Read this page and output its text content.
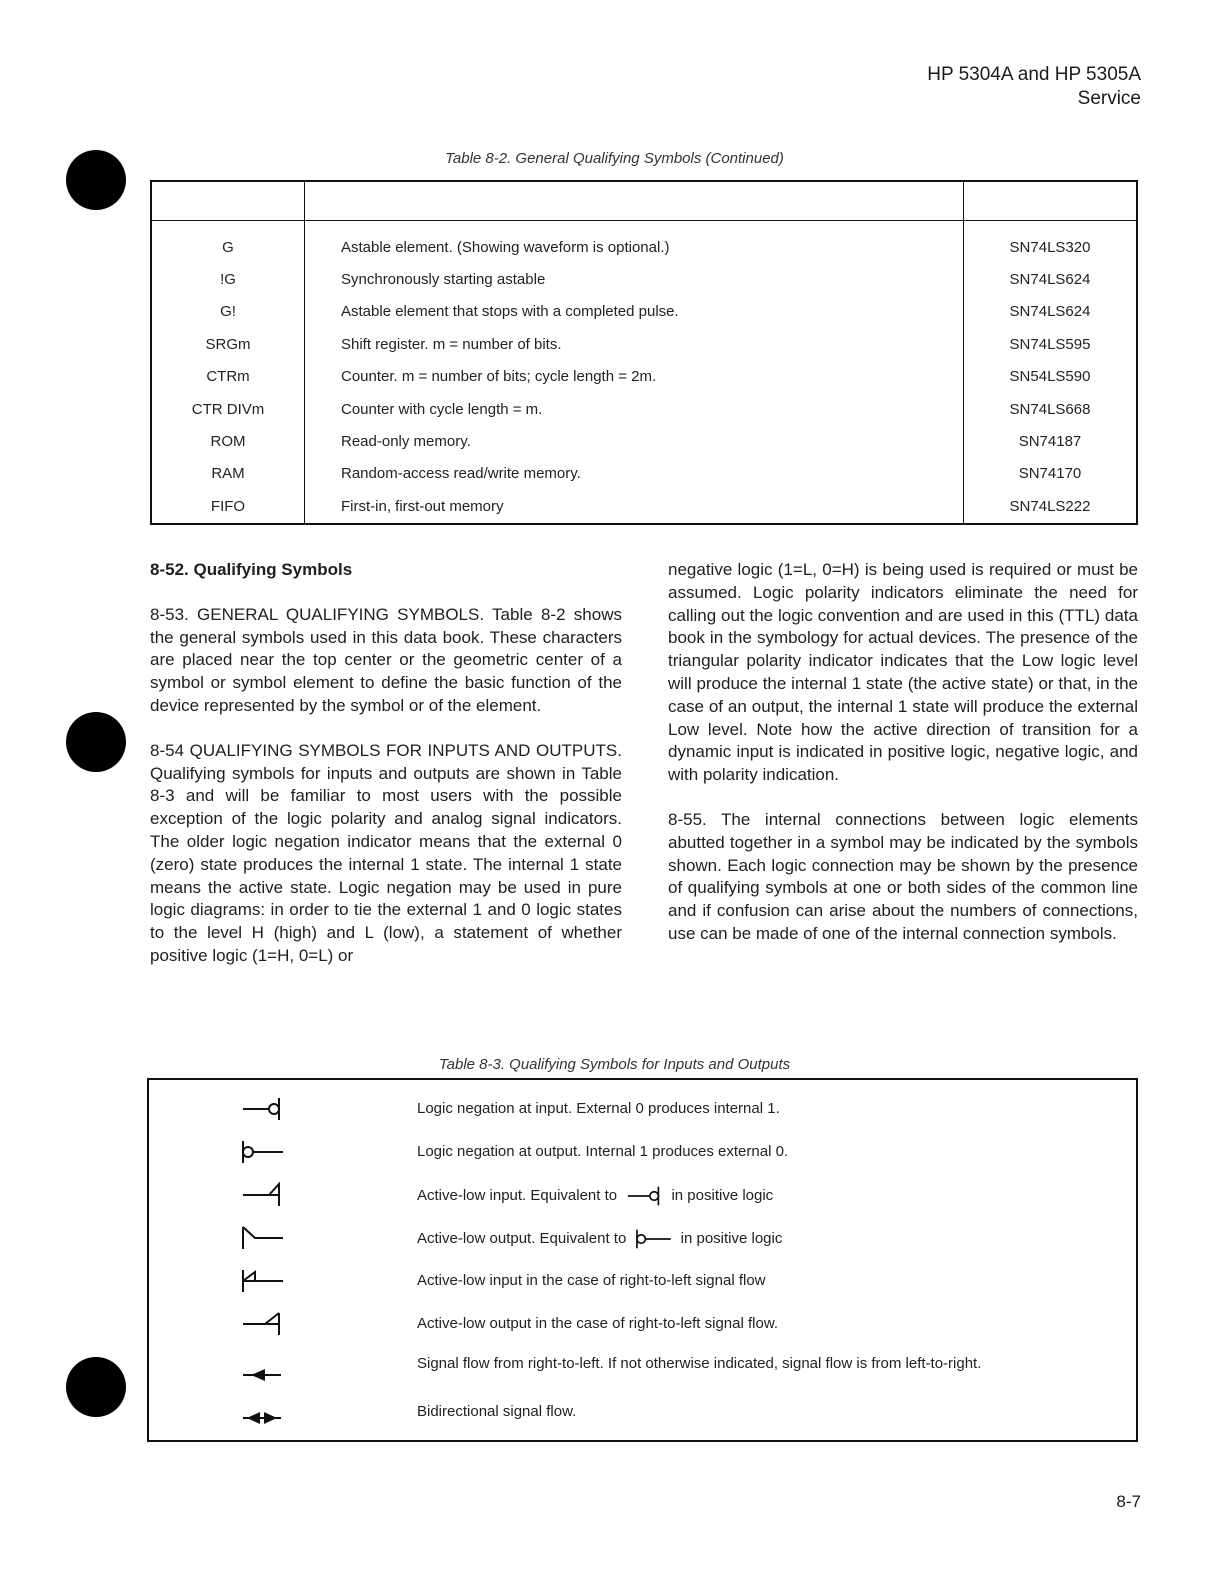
HP 5304A and HP 5305A
Service
Table 8-2. General Qualifying Symbols (Continued)

G	Astable element. (Showing waveform is optional.)	SN74LS320
!G	Synchronously starting astable	SN74LS624
G!	Astable element that stops with a completed pulse.	SN74LS624
SRGm	Shift register. m = number of bits.	SN74LS595
CTRm	Counter. m = number of bits; cycle length = 2m.	SN54LS590
CTR DIVm	Counter with cycle length = m.	SN74LS668
ROM	Read-only memory.	SN74187
RAM	Random-access read/write memory.	SN74170
FIFO	First-in, first-out memory	SN74LS222

8-52. Qualifying Symbols

8-53. GENERAL QUALIFYING SYMBOLS. Table 8-2 shows the general symbols used in this data book. These characters are placed near the top center or the geometric center of a symbol or symbol element to define the basic function of the device represented by the symbol or of the element.

8-54 QUALIFYING SYMBOLS FOR INPUTS AND OUTPUTS. Qualifying symbols for inputs and outputs are shown in Table 8-3 and will be familiar to most users with the possible exception of the logic polarity and analog signal indicators. The older logic negation indicator means that the external 0 (zero) state produces the internal 1 state. The internal 1 state means the active state. Logic negation may be used in pure logic diagrams: in order to tie the external 1 and 0 logic states to the level H (high) and L (low), a statement of whether positive logic (1=H, 0=L) or

negative logic (1=L, 0=H) is being used is required or must be assumed. Logic polarity indicators eliminate the need for calling out the logic convention and are used in this (TTL) data book in the symbology for actual devices. The presence of the triangular polarity indicator indicates that the Low logic level will produce the internal 1 state (the active state) or that, in the case of an output, the internal 1 state will produce the external Low level. Note how the active direction of transition for a dynamic input is indicated in positive logic, negative logic, and with polarity indication.

8-55. The internal connections between logic elements abutted together in a symbol may be indicated by the symbols shown. Each logic connection may be shown by the presence of qualifying symbols at one or both sides of the common line and if confusion can arise about the numbers of connections, use can be made of one of the internal connection symbols.

Table 8-3. Qualifying Symbols for Inputs and Outputs
Logic negation at input. External 0 produces internal 1.
Logic negation at output. Internal 1 produces external 0.
Active-low input. Equivalent to	in positive logic
Active-low output. Equivalent to	in positive logic
Active-low input in the case of right-to-left signal flow
Active-low output in the case of right-to-left signal flow.
Signal flow from right-to-left. If not otherwise indicated, signal flow is from left-to-right.
Bidirectional signal flow.
8-7
